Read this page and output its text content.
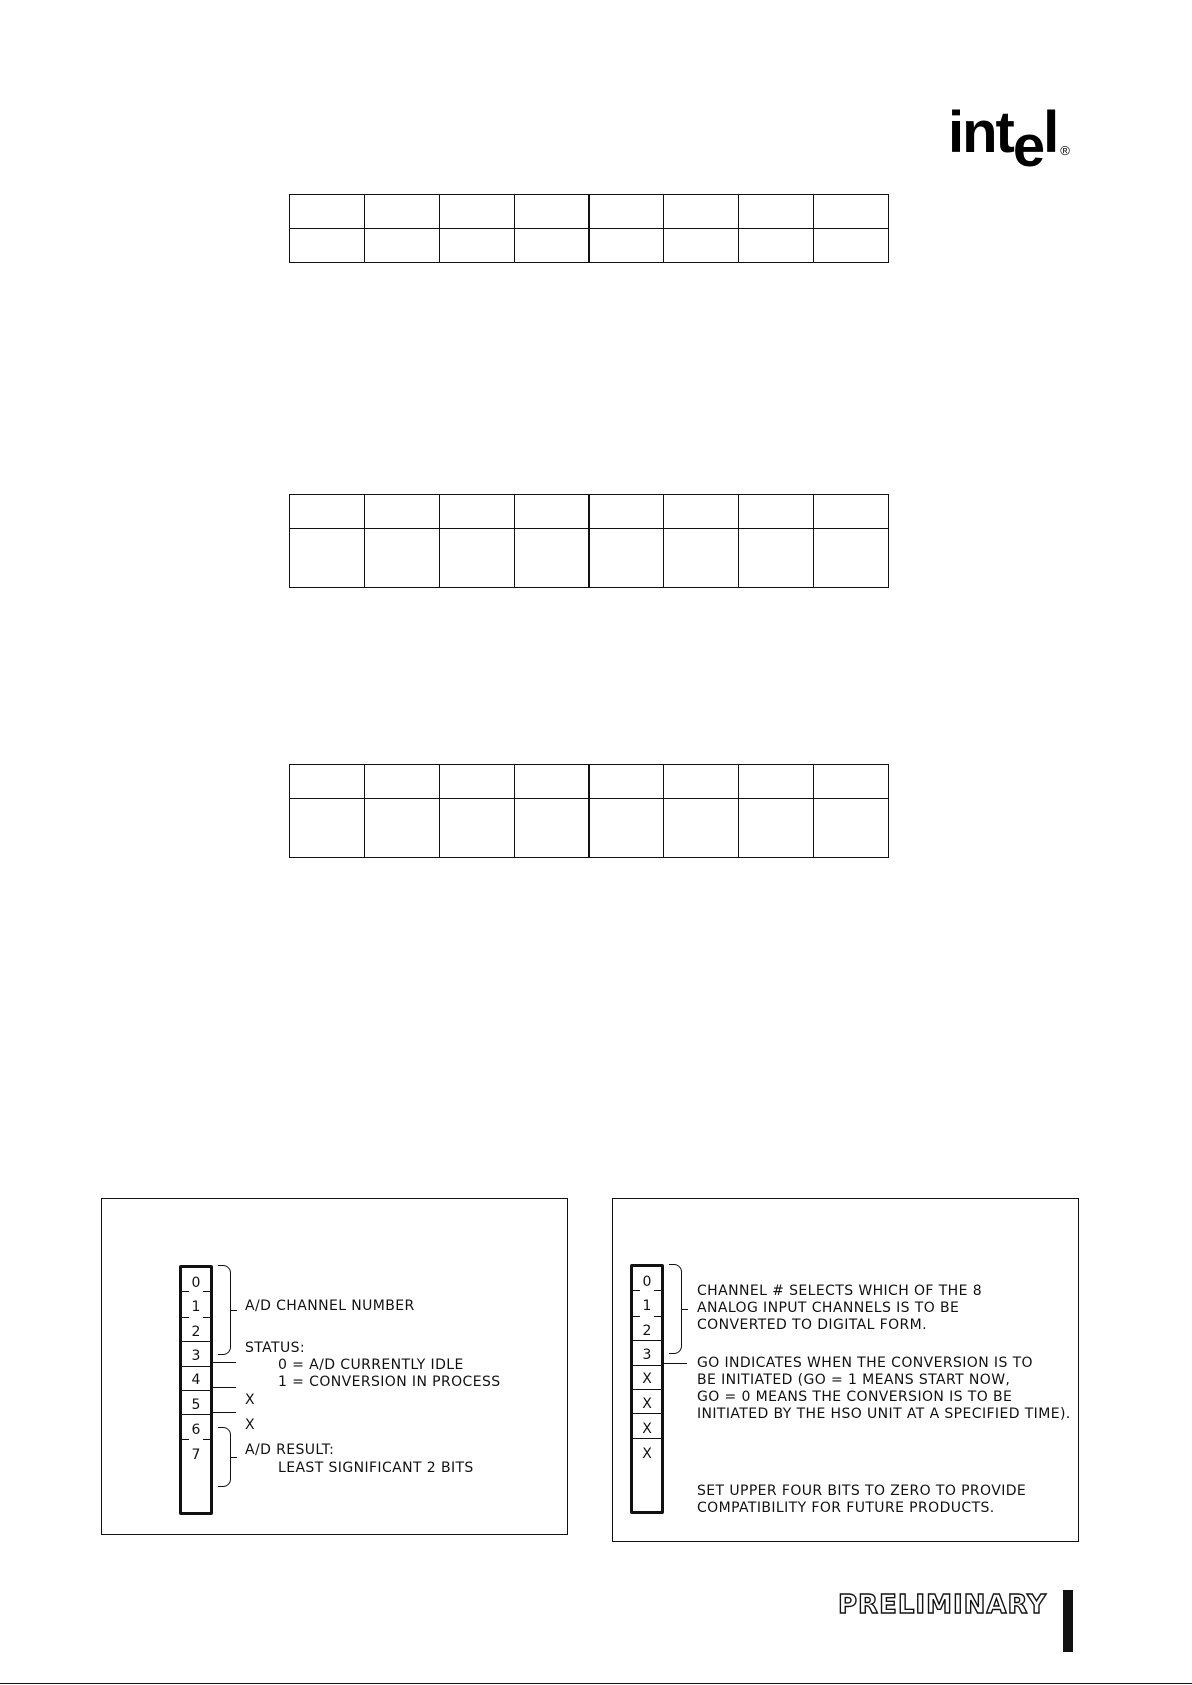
intel ®

0
1
2
3
4
5
6
7
A/D CHANNEL NUMBER
STATUS:
0 = A/D CURRENTLY IDLE
1 = CONVERSION IN PROCESS
X
X
A/D RESULT:
LEAST SIGNIFICANT 2 BITS
0
1
2
3
X
X
X
X
CHANNEL # SELECTS WHICH OF THE 8
ANALOG INPUT CHANNELS IS TO BE
CONVERTED TO DIGITAL FORM.
GO INDICATES WHEN THE CONVERSION IS TO
BE INITIATED (GO = 1 MEANS START NOW,
GO = 0 MEANS THE CONVERSION IS TO BE
INITIATED BY THE HSO UNIT AT A SPECIFIED TIME).
SET UPPER FOUR BITS TO ZERO TO PROVIDE
COMPATIBILITY FOR FUTURE PRODUCTS.
PRELIMINARY
